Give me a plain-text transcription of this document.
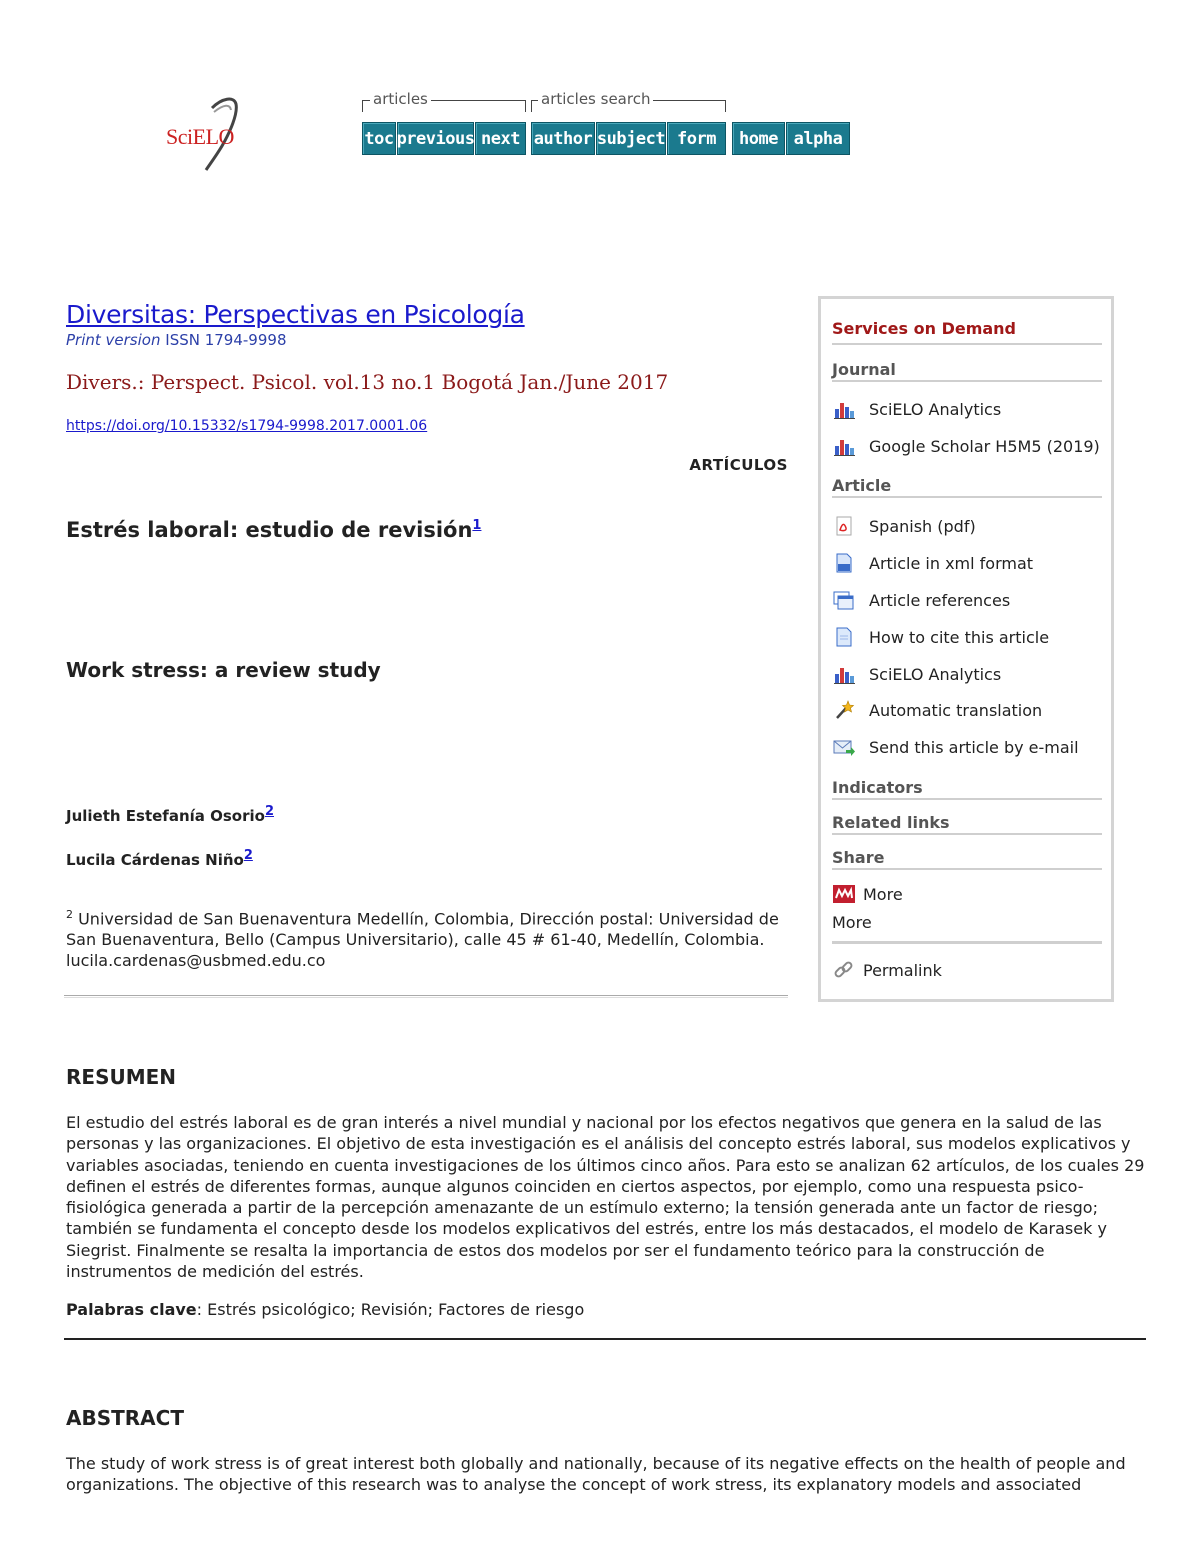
SciELO
articles	articles search
toc previous next author subject form	home alpha
Diversitas: Perspectivas en Psicología
Print version ISSN 1794-9998
Divers.: Perspect. Psicol. vol.13 no.1 Bogotá Jan./June 2017
https://doi.org/10.15332/s1794-9998.2017.0001.06
ARTÍCULOS
Estrés laboral: estudio de revisión$^1$
Work stress: a review study
Julieth Estefanía Osorio$^2$
Lucila Cárdenas Niño$^2$
$^2$ Universidad de San Buenaventura Medellín, Colombia, Dirección postal: Universidad de San Buenaventura, Bello (Campus Universitario), calle 45 # 61-40, Medellín, Colombia. lucila.cardenas@usbmed.edu.co
Services on Demand
Journal
SciELO Analytics
Google Scholar H5M5 (2019)
Article
Spanish (pdf)
Article in xml format
Article references
How to cite this article
SciELO Analytics
Automatic translation
Send this article by e-mail
Indicators
Related links
Share
More
More
Permalink
RESUMEN
El estudio del estrés laboral es de gran interés a nivel mundial y nacional por los efectos negativos que genera en la salud de las personas y las organizaciones. El objetivo de esta investigación es el análisis del concepto estrés laboral, sus modelos explicativos y variables asociadas, teniendo en cuenta investigaciones de los últimos cinco años. Para esto se analizan 62 artículos, de los cuales 29 definen el estrés de diferentes formas, aunque algunos coinciden en ciertos aspectos, por ejemplo, como una respuesta psico-fisiológica generada a partir de la percepción amenazante de un estímulo externo; la tensión generada ante un factor de riesgo; también se fundamenta el concepto desde los modelos explicativos del estrés, entre los más destacados, el modelo de Karasek y Siegrist. Finalmente se resalta la importancia de estos dos modelos por ser el fundamento teórico para la construcción de instrumentos de medición del estrés.
Palabras clave: Estrés psicológico; Revisión; Factores de riesgo
ABSTRACT
The study of work stress is of great interest both globally and nationally, because of its negative effects on the health of people and organizations. The objective of this research was to analyse the concept of work stress, its explanatory models and associated
